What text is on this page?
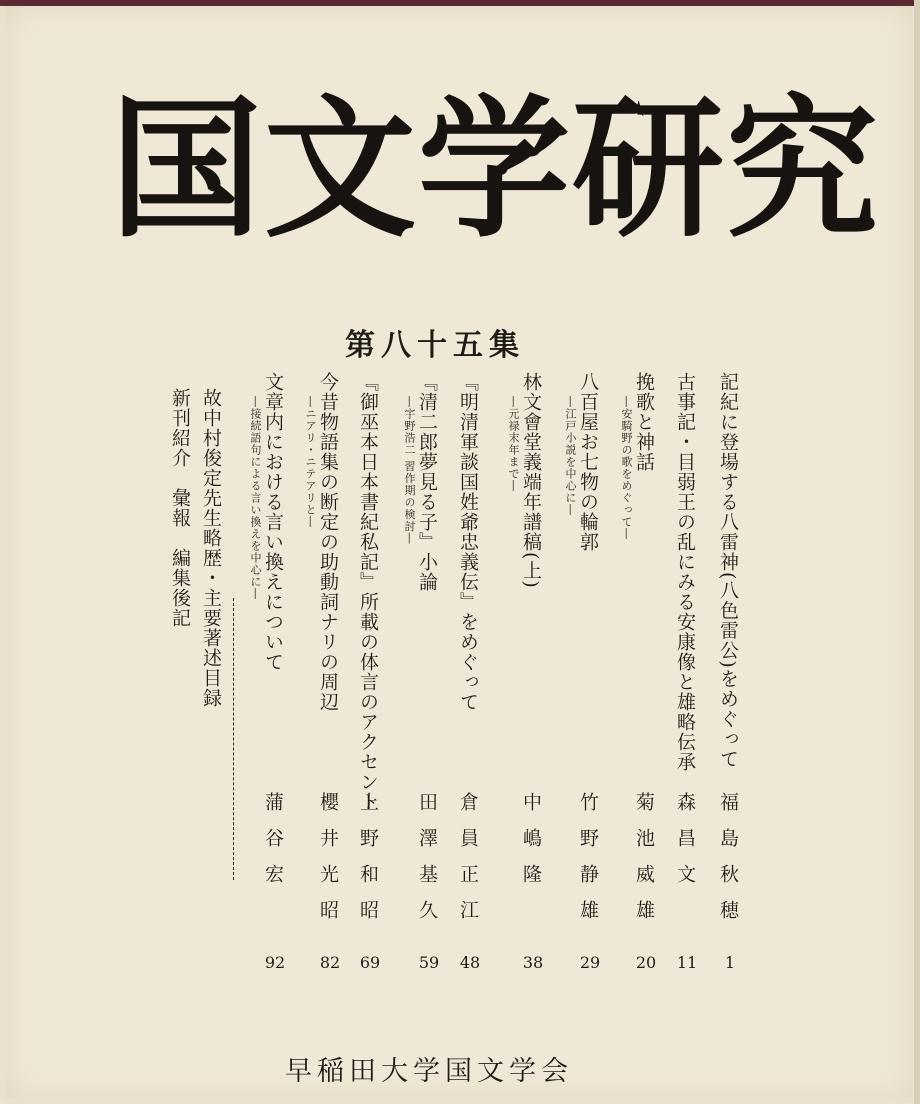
国文学研究
第八十五集
記紀に登場する八雷神(八色雷公)をめぐって
福島秋穂
1
古事記・目弱王の乱にみる安康像と雄略伝承
森昌文
11
挽歌と神話
―安騎野の歌をめぐって―
菊池威雄
20
八百屋お七物の輪郭
―江戸小説を中心に―
竹野静雄
29
林文會堂義端年譜稿(上)
―元禄末年まで―
中嶋隆
38
『明清軍談国姓爺忠義伝』をめぐって
倉員正江
48
『清二郎夢見る子』小論
―宇野浩二 習作期の検討―
田澤基久
59
『御巫本日本書紀私記』所載の体言のアクセント
上野和昭
69
今昔物語集の断定の助動詞ナリの周辺
―ニアリ・ニテアリと―
櫻井光昭
82
文章内における言い換えについて
―接続語句による言い換えを中心に―
蒲谷宏
92
故中村俊定先生略歴・主要著述目録
新刊紹介　彙報　編集後記
早稲田大学国文学会
